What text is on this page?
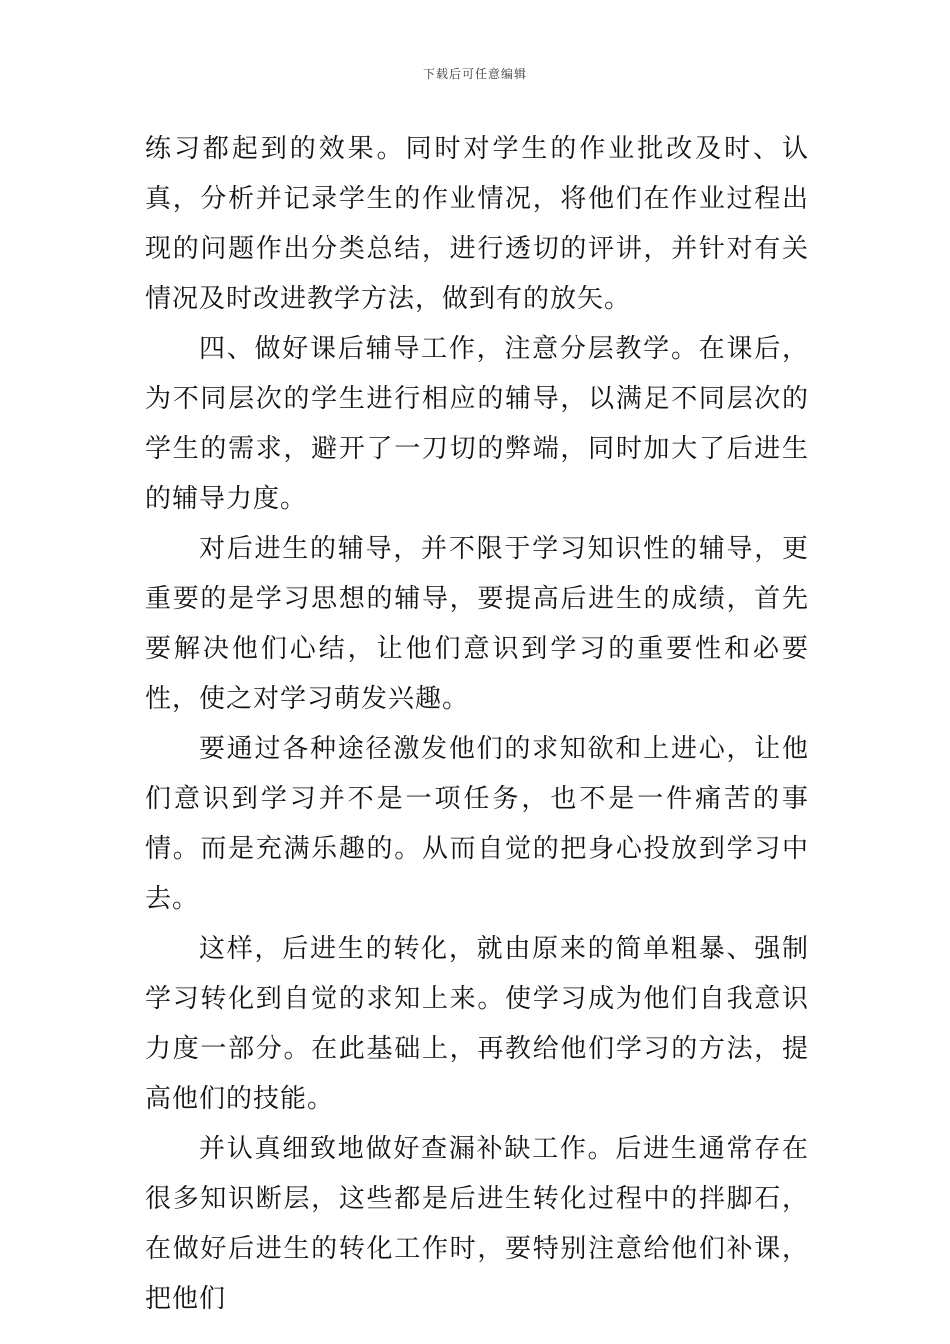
下载后可任意编辑

练习都起到的效果。同时对学生的作业批改及时、认真，分析并记录学生的作业情况，将他们在作业过程出现的问题作出分类总结，进行透切的评讲，并针对有关情况及时改进教学方法，做到有的放矢。

四、做好课后辅导工作，注意分层教学。在课后，为不同层次的学生进行相应的辅导，以满足不同层次的学生的需求，避开了一刀切的弊端，同时加大了后进生的辅导力度。

对后进生的辅导，并不限于学习知识性的辅导，更重要的是学习思想的辅导，要提高后进生的成绩，首先要解决他们心结，让他们意识到学习的重要性和必要性，使之对学习萌发兴趣。

要通过各种途径激发他们的求知欲和上进心，让他们意识到学习并不是一项任务，也不是一件痛苦的事情。而是充满乐趣的。从而自觉的把身心投放到学习中去。

这样，后进生的转化，就由原来的简单粗暴、强制学习转化到自觉的求知上来。使学习成为他们自我意识力度一部分。在此基础上，再教给他们学习的方法，提高他们的技能。

并认真细致地做好查漏补缺工作。后进生通常存在很多知识断层，这些都是后进生转化过程中的拌脚石，在做好后进生的转化工作时，要特别注意给他们补课，把他们
